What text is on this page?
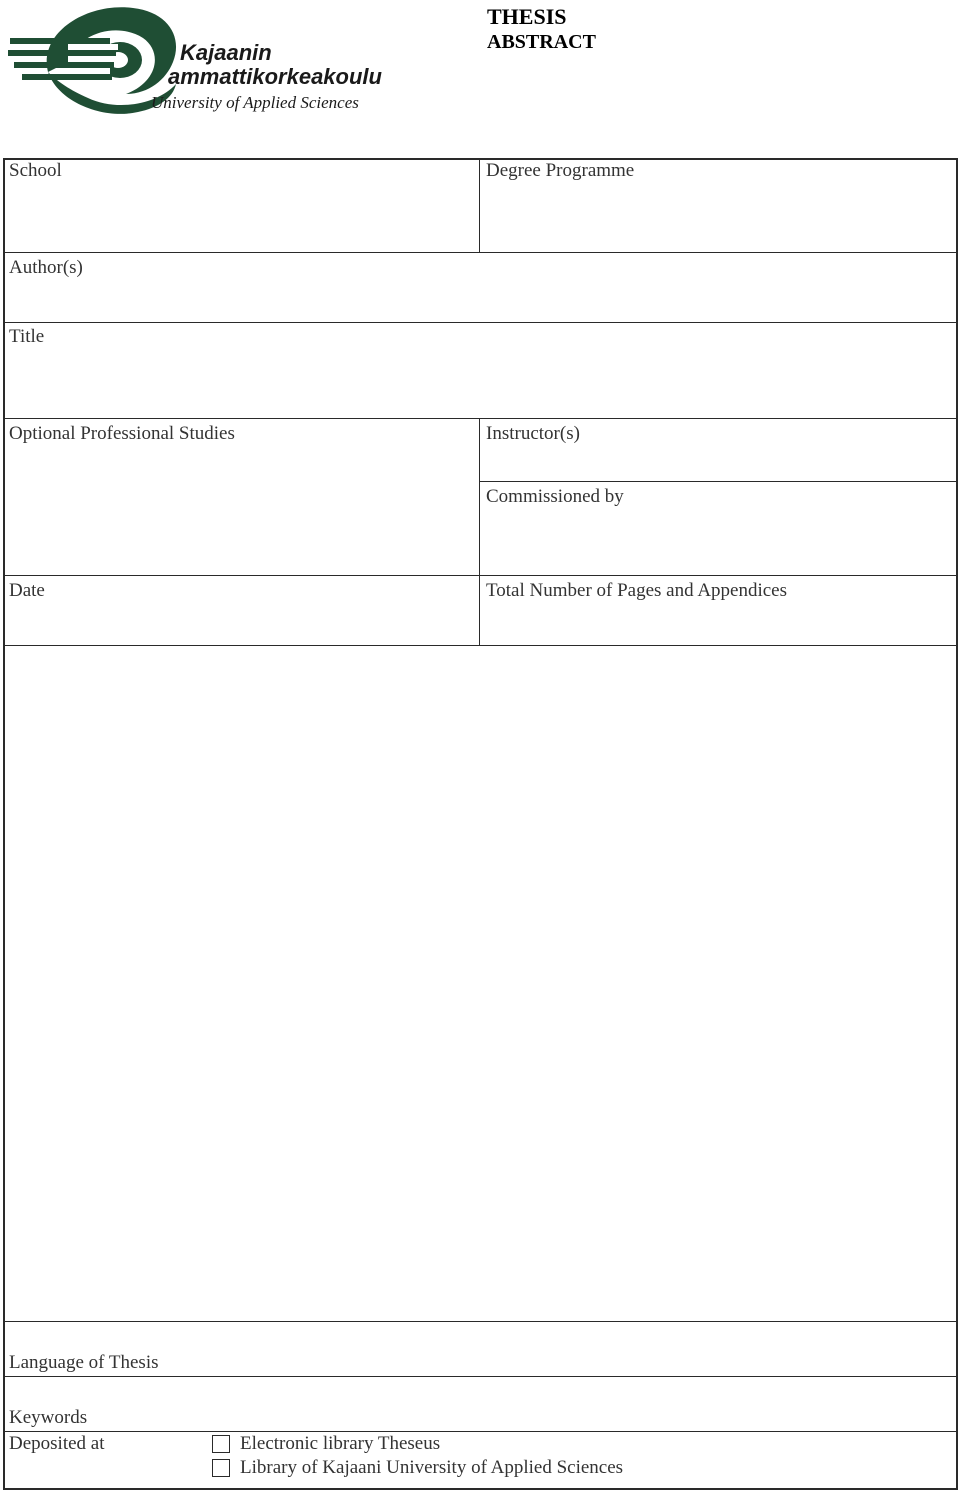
Kajaanin
ammattikorkeakoulu
University of Applied Sciences
THESIS
ABSTRACT
School	Degree Programme
Author(s)
Title
Optional Professional Studies	Instructor(s)
Commissioned by
Date	Total Number of Pages and Appendices
Language of Thesis
Keywords
Deposited at	Electronic library Theseus
Library of Kajaani University of Applied Sciences
